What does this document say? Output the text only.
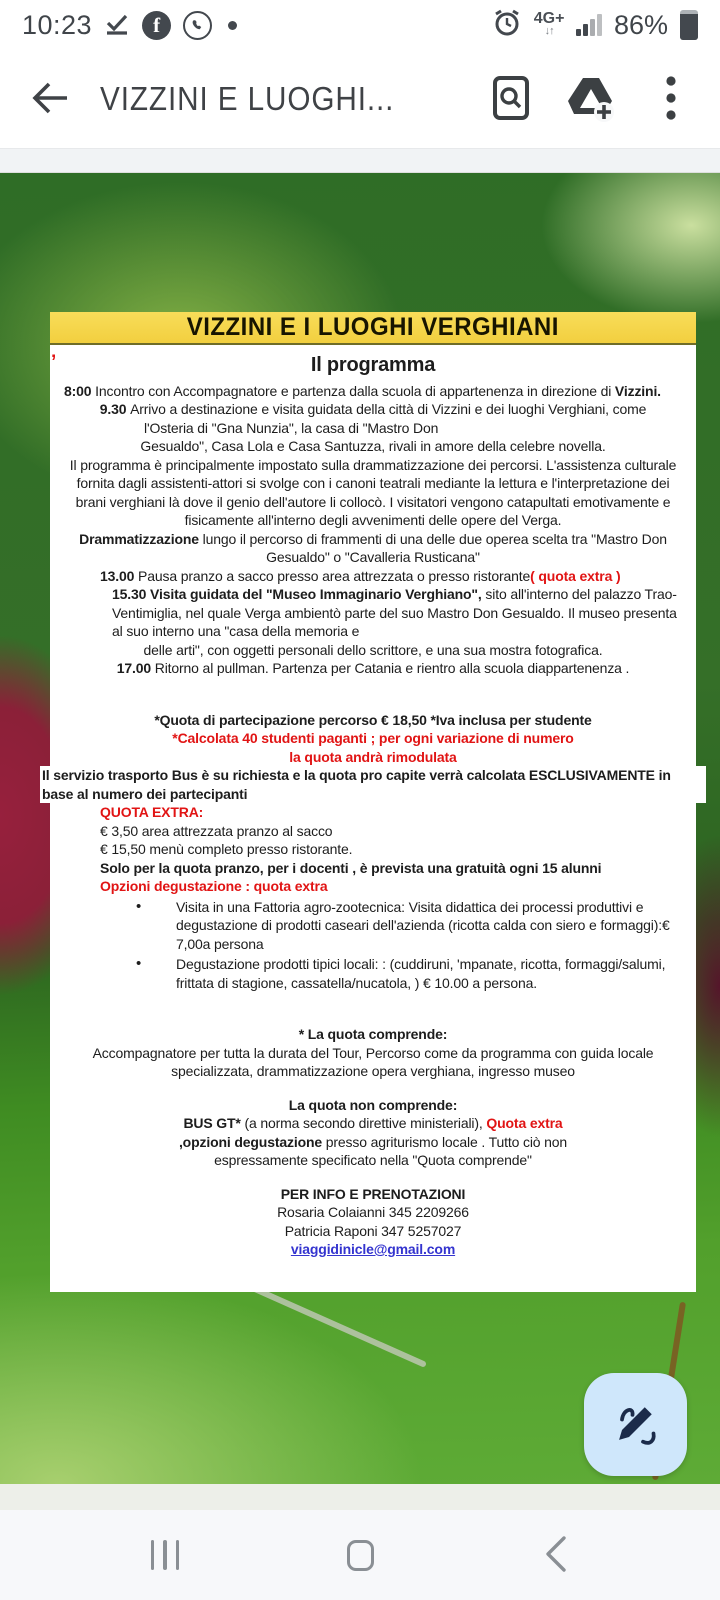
10:23	f	4G+
↓↑ 86%
VIZZINI E LUOGHI...
VIZZINI E I LUOGHI VERGHIANI
’	Il programma
8:00 Incontro con Accompagnatore e partenza dalla scuola di appartenenza in direzione di Vizzini.
9.30 Arrivo a destinazione e visita guidata della città di Vizzini e dei luoghi Verghiani, come
l'Osteria di "Gna Nunzia", la casa di "Mastro Don
Gesualdo", Casa Lola e Casa Santuzza, rivali in amore della celebre novella.
Il programma è principalmente impostato sulla drammatizzazione dei percorsi. L'assistenza culturale fornita dagli assistenti-attori si svolge con i canoni teatrali mediante la lettura e l'interpretazione dei brani verghiani là dove il genio dell'autore li collocò. I visitatori vengono catapultati emotivamente e fisicamente all'interno degli avvenimenti delle opere del Verga.
Drammatizzazione lungo il percorso di frammenti di una delle due operea scelta tra "Mastro Don Gesualdo" o "Cavalleria Rusticana"
13.00 Pausa pranzo a sacco presso area attrezzata o presso ristorante( quota extra )
15.30 Visita guidata del "Museo Immaginario Verghiano", sito all'interno del palazzo Trao-Ventimiglia, nel quale Verga ambientò parte del suo Mastro Don Gesualdo. Il museo presenta al suo interno una "casa della memoria e
delle arti", con oggetti personali dello scrittore, e una sua mostra fotografica.
17.00 Ritorno al pullman. Partenza per Catania e rientro alla scuola diappartenenza .
*Quota di partecipazione percorso € 18,50 *Iva inclusa per studente
*Calcolata 40 studenti paganti ; per ogni variazione di numero
la quota andrà rimodulata
Il servizio trasporto Bus è su richiesta e la quota pro capite verrà calcolata ESCLUSIVAMENTE in base al numero dei partecipanti
QUOTA EXTRA:
€ 3,50 area attrezzata pranzo al sacco
€ 15,50 menù completo presso ristorante.
Solo per la quota pranzo, per i docenti , è prevista una gratuità ogni 15 alunni
Opzioni degustazione : quota extra
• Visita in una Fattoria agro-zootecnica: Visita didattica dei processi produttivi e degustazione di prodotti caseari dell'azienda (ricotta calda con siero e formaggi):€ 7,00a persona
• Degustazione prodotti tipici locali: : (cuddiruni, 'mpanate, ricotta, formaggi/salumi, frittata di stagione, cassatella/nucatola, ) € 10.00 a persona.
* La quota comprende:
Accompagnatore per tutta la durata del Tour, Percorso come da programma con guida locale specializzata, drammatizzazione opera verghiana, ingresso museo
La quota non comprende:
BUS GT* (a norma secondo direttive ministeriali), Quota extra ,opzioni degustazione presso agriturismo locale . Tutto ciò non espressamente specificato nella "Quota comprende"
PER INFO E PRENOTAZIONI
Rosaria Colaianni 345 2209266
Patricia Raponi 347 5257027
viaggidinicle@gmail.com
